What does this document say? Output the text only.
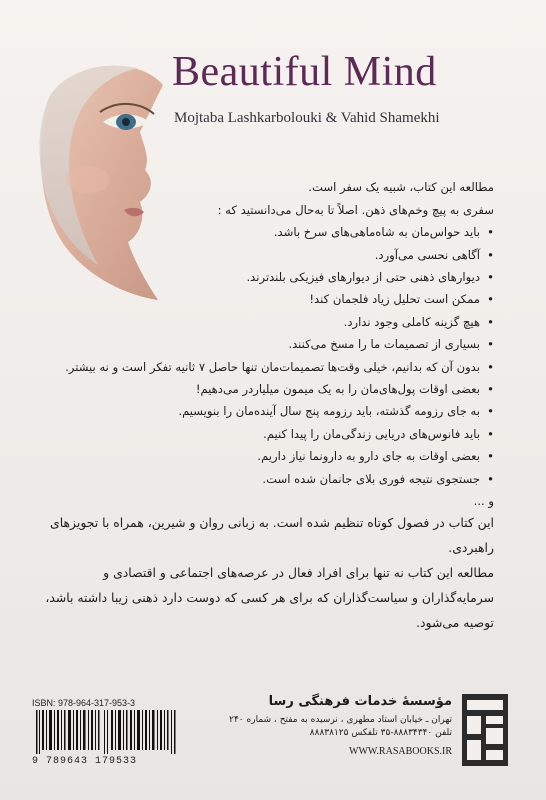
Beautiful Mind
Mojtaba Lashkarbolouki & Vahid Shamekhi
مطالعه این کتاب، شبیه یک سفر است.
سفری به پیچ وخم‌های ذهن. اصلاً تا به‌حال می‌دانستید که :
•
باید حواس‌مان به شاه‌ماهی‌های سرخ باشد.
•
آگاهی نحسی می‌آورد.
•
دیوارهای ذهنی حتی از دیوارهای فیزیکی بلندترند.
•
ممکن است تحلیل زیاد فلجمان کند!
•
هیچ گزینه کاملی وجود ندارد.
•
بسیاری از تصمیمات ما را مسخ می‌کنند.
•
بدون آن که بدانیم، خیلی وقت‌ها تصمیمات‌مان تنها حاصل ۷ ثانیه تفکر است و نه بیشتر.
•
بعضی اوقات پول‌های‌مان را به یک میمون میلیاردر می‌دهیم!
•
به جای رزومه گذشته، باید رزومه پنج سال آینده‌مان را بنویسیم.
•
باید فانوس‌های دریایی زندگی‌مان را پیدا کنیم.
•
بعضی اوقات به جای دارو به دارونما نیاز داریم.
•
جستجوی نتیجه فوری بلای جانمان شده است.
و ...

این کتاب در فصول کوتاه تنظیم شده است. به زبانی روان و شیرین، همراه با تجویزهای راهبردی.

مطالعه این کتاب نه تنها برای افراد فعال در عرصه‌های اجتماعی و اقتصادی و سرمایه‌گذاران و سیاست‌گذاران که برای هر کسی که دوست دارد ذهنی زیبا داشته باشد، توصیه می‌شود.

ISBN: 978-964-317-953-3
9 789643 179533
مؤسسهٔ خدمات فرهنگی رسا
تهران ـ خیابان استاد مطهری ، نرسیده به مفتح ، شماره ۲۴۰
تلفن ۸۸۸۳۴۳۴۰-۳۵ تلفکس ۸۸۸۳۸۱۲۵
WWW.RASABOOKS.IR
